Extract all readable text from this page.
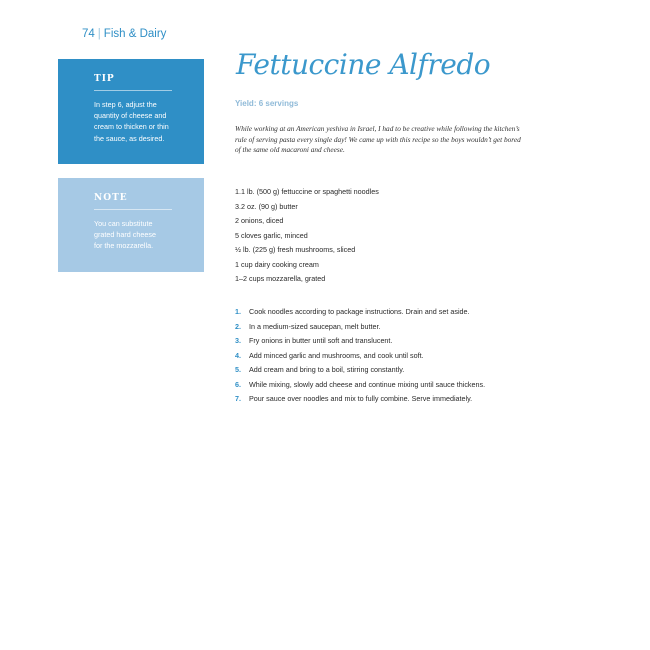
74 | Fish & Dairy
TIP
In step 6, adjust the
quantity of cheese and
cream to thicken or thin
the sauce, as desired.
NOTE
You can substitute
grated hard cheese
for the mozzarella.
Fettuccine Alfredo
Yield: 6 servings
While working at an American yeshiva in Israel, I had to be creative while following the kitchen’s
rule of serving pasta every single day! We came up with this recipe so the boys wouldn’t get bored
of the same old macaroni and cheese.
1.1 lb. (500 g) fettuccine or spaghetti noodles
3.2 oz. (90 g) butter
2 onions, diced
5 cloves garlic, minced
½ lb. (225 g) fresh mushrooms, sliced
1 cup dairy cooking cream
1–2 cups mozzarella, grated
1. Cook noodles according to package instructions. Drain and set aside.
2. In a medium-sized saucepan, melt butter.
3. Fry onions in butter until soft and translucent.
4. Add minced garlic and mushrooms, and cook until soft.
5. Add cream and bring to a boil, stirring constantly.
6. While mixing, slowly add cheese and continue mixing until sauce thickens.
7. Pour sauce over noodles and mix to fully combine. Serve immediately.
